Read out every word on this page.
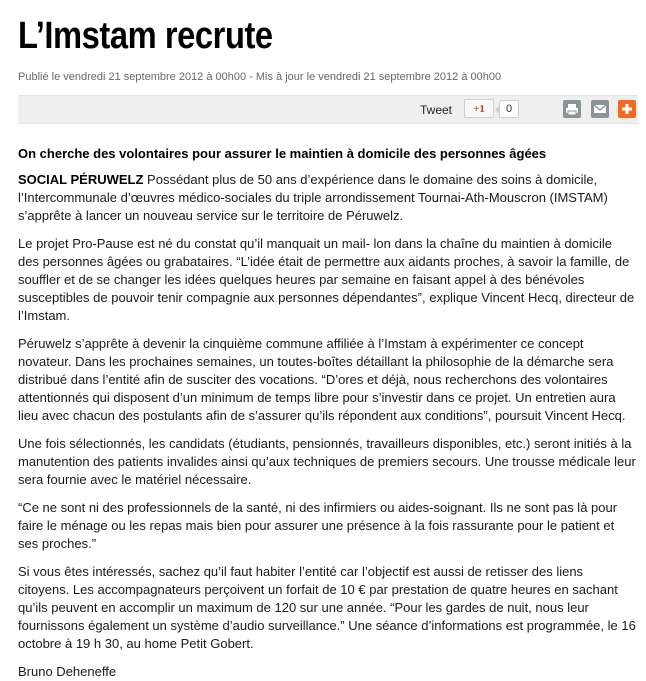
L’Imstam recrute
Publié le vendredi 21 septembre 2012 à 00h00 - Mis à jour le vendredi 21 septembre 2012 à 00h00
Tweet	+1	0
On cherche des volontaires pour assurer le maintien à domicile des personnes âgées

SOCIAL PÉRUWELZ Possédant plus de 50 ans d’expérience dans le domaine des soins à domicile, l’Intercommunale d’œuvres médico-sociales du triple arrondissement Tournai-Ath-Mouscron (IMSTAM) s’apprête à lancer un nouveau service sur le territoire de Péruwelz.

Le projet Pro-Pause est né du constat qu’il manquait un mail- lon dans la chaîne du maintien à domicile des personnes âgées ou grabataires. “L’idée était de permettre aux aidants proches, à savoir la famille, de souffler et de se changer les idées quelques heures par semaine en faisant appel à des bénévoles susceptibles de pouvoir tenir compagnie aux personnes dépendantes”, explique Vincent Hecq, directeur de l’Imstam.

Péruwelz s’apprête à devenir la cinquième commune affiliée à l’Imstam à expérimenter ce concept novateur. Dans les prochaines semaines, un toutes-boîtes détaillant la philosophie de la démarche sera distribué dans l’entité afin de susciter des vocations. “D’ores et déjà, nous recherchons des volontaires attentionnés qui disposent d’un minimum de temps libre pour s’investir dans ce projet. Un entretien aura lieu avec chacun des postulants afin de s’assurer qu’ils répondent aux conditions”, poursuit Vincent Hecq.

Une fois sélectionnés, les candidats (étudiants, pensionnés, travailleurs disponibles, etc.) seront initiés à la manutention des patients invalides ainsi qu’aux techniques de premiers secours. Une trousse médicale leur sera fournie avec le matériel nécessaire.

“Ce ne sont ni des professionnels de la santé, ni des infirmiers ou aides-soignant. Ils ne sont pas là pour faire le ménage ou les repas mais bien pour assurer une présence à la fois rassurante pour le patient et ses proches.”

Si vous êtes intéressés, sachez qu’il faut habiter l’entité car l’objectif est aussi de retisser des liens citoyens. Les accompagnateurs perçoivent un forfait de 10 € par prestation de quatre heures en sachant qu’ils peuvent en accomplir un maximum de 120 sur une année. “Pour les gardes de nuit, nous leur fournissons également un système d’audio surveillance.” Une séance d’informations est programmée, le 16 octobre à 19 h 30, au home Petit Gobert.

Bruno Deheneffe
